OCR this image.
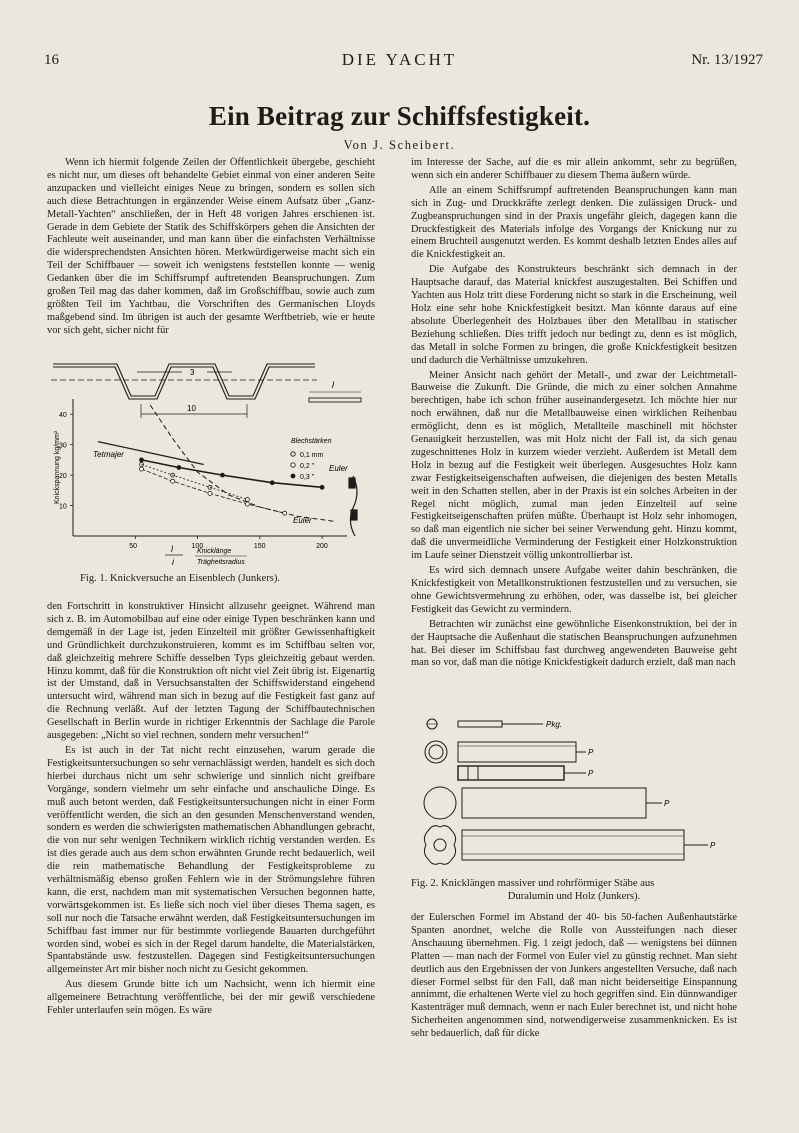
16	DIE YACHT	Nr. 13/1927
Ein Beitrag zur Schiffsfestigkeit.
Von J. Scheibert.

Wenn ich hiermit folgende Zeilen der Öffentlichkeit übergebe, geschieht es nicht nur, um dieses oft behandelte Gebiet einmal von einer anderen Seite anzupacken und vielleicht einiges Neue zu bringen, sondern es sollen sich auch diese Betrachtungen in ergänzender Weise einem Aufsatz über „Ganz-Metall-Yachten“ anschließen, der in Heft 48 vorigen Jahres erschienen ist. Gerade in dem Gebiete der Statik des Schiffskörpers gehen die Ansichten der Fachleute weit auseinander, und man kann über die einfachsten Verhältnisse die widersprechendsten Ansichten hören. Merkwürdigerweise macht sich ein Teil der Schiffbauer — soweit ich wenigstens feststellen konnte — wenig Gedanken über die im Schiffsrumpf auftretenden Beanspruchungen. Zum großen Teil mag das daher kommen, daß im Großschiffbau, sowie auch zum größten Teil im Yachtbau, die Vorschriften des Germanischen Lloyds maßgebend sind. Im übrigen ist auch der gesamte Werftbetrieb, wie er heute vor sich geht, sicher nicht für

3
10
l
Knickspannung kg/mm²
10
20
30
40
50	100	150	200
Tetmajer
Euler
Euler
Blechstärken
0,1 mm
0,2 "
0,3 "
l
i
Knicklänge
Trägheitsradius
Fig. 1. Knickversuche an Eisenblech (Junkers).

den Fortschritt in konstruktiver Hinsicht allzusehr geeignet. Während man sich z. B. im Automobilbau auf eine oder einige Typen beschränken kann und demgemäß in der Lage ist, jeden Einzelteil mit größter Gewissenhaftigkeit und Gründlichkeit durchzukonstruieren, kommt es im Schiffbau selten vor, daß gleichzeitig mehrere Schiffe desselben Typs gleichzeitig gebaut werden. Hinzu kommt, daß für die Konstruktion oft nicht viel Zeit übrig ist. Eigenartig ist der Umstand, daß in Versuchsanstalten der Schiffswiderstand eingehend untersucht wird, während man sich in bezug auf die Festigkeit fast ganz auf die Rechnung verläßt. Auf der letzten Tagung der Schiffbautechnischen Gesellschaft in Berlin wurde in richtiger Erkenntnis der Sachlage die Parole ausgegeben: „Nicht so viel rechnen, sondern mehr versuchen!“

Es ist auch in der Tat nicht recht einzusehen, warum gerade die Festigkeitsuntersuchungen so sehr vernachlässigt werden, handelt es sich doch hierbei durchaus nicht um sehr schwierige und sinnlich nicht greifbare Vorgänge, sondern vielmehr um sehr einfache und anschauliche Dinge. Es muß auch betont werden, daß Festigkeitsuntersuchungen nicht in einer Form veröffentlicht werden, die sich an den gesunden Menschenverstand wenden, sondern es werden die schwierigsten mathematischen Abhandlungen gebracht, die von nur sehr wenigen Technikern wirklich richtig verstanden werden. Es ist dies gerade auch aus dem schon erwähnten Grunde recht bedauerlich, weil die rein mathematische Behandlung der Festigkeitsprobleme zu verhältnismäßig ebenso großen Fehlern wie in der Strömungslehre führen kann, die erst, nachdem man mit systematischen Versuchen begonnen hatte, vorwärtsgekommen ist. Es ließe sich noch viel über dieses Thema sagen, es soll nur noch die Tatsache erwähnt werden, daß Festigkeitsuntersuchungen im Schiffbau fast immer nur für bestimmte vorliegende Bauarten durchgeführt worden sind, wobei es sich in der Regel darum handelte, die Materialstärken, Spantabstände usw. festzustellen. Dagegen sind Festigkeitsuntersuchungen allgemeinster Art mir bisher noch nicht zu Gesicht gekommen.

Aus diesem Grunde bitte ich um Nachsicht, wenn ich hiermit eine allgemeinere Betrachtung veröffentliche, bei der mir gewiß verschiedene Fehler unterlaufen sein mögen. Es wäre

im Interesse der Sache, auf die es mir allein ankommt, sehr zu begrüßen, wenn sich ein anderer Schiffbauer zu diesem Thema äußern würde.

Alle an einem Schiffsrumpf auftretenden Beanspruchungen kann man sich in Zug- und Druckkräfte zerlegt denken. Die zulässigen Druck- und Zugbeanspruchungen sind in der Praxis ungefähr gleich, dagegen kann die Druckfestigkeit des Materials infolge des Vorgangs der Knickung nur zu einem Bruchteil ausgenutzt werden. Es kommt deshalb letzten Endes alles auf die Knickfestigkeit an.

Die Aufgabe des Konstrukteurs beschränkt sich demnach in der Hauptsache darauf, das Material knickfest auszugestalten. Bei Schiffen und Yachten aus Holz tritt diese Forderung nicht so stark in die Erscheinung, weil Holz eine sehr hohe Knickfestigkeit besitzt. Man könnte daraus auf eine absolute Überlegenheit des Holzbaues über den Metallbau in statischer Beziehung schließen. Dies trifft jedoch nur bedingt zu, denn es ist möglich, das Metall in solche Formen zu bringen, die große Knickfestigkeit besitzen und dadurch die Verhältnisse umzukehren.

Meiner Ansicht nach gehört der Metall-, und zwar der Leichtmetall-Bauweise die Zukunft. Die Gründe, die mich zu einer solchen Annahme berechtigen, habe ich schon früher auseinandergesetzt. Ich möchte hier nur noch erwähnen, daß nur die Metallbauweise einen wirklichen Reihenbau ermöglicht, denn es ist möglich, Metallteile maschinell mit höchster Genauigkeit herzustellen, was mit Holz nicht der Fall ist, da sich genau zugeschnittenes Holz in kurzem wieder verzieht. Außerdem ist Metall dem Holz in bezug auf die Festigkeit weit überlegen. Ausgesuchtes Holz kann zwar Festigkeitseigenschaften aufweisen, die diejenigen des besten Metalls weit in den Schatten stellen, aber in der Praxis ist ein solches Arbeiten in der Regel nicht möglich, zumal man jeden Einzelteil auf seine Festigkeitseigenschaften prüfen müßte. Überhaupt ist Holz sehr inhomogen, so daß man eigentlich nie sicher bei seiner Verwendung geht. Hinzu kommt, daß die unvermeidliche Verminderung der Festigkeit einer Holzkonstruktion im Laufe seiner Dienstzeit völlig unkontrollierbar ist.

Es wird sich demnach unsere Aufgabe weiter dahin beschränken, die Knickfestigkeit von Metallkonstruktionen festzustellen und zu versuchen, sie ohne Gewichtsvermehrung zu erhöhen, oder, was dasselbe ist, bei gleicher Festigkeit das Gewicht zu vermindern.

Betrachten wir zunächst eine gewöhnliche Eisenkonstruktion, bei der in der Hauptsache die Außenhaut die statischen Beanspruchungen aufzunehmen hat. Bei dieser im Schiffsbau fast durchweg angewendeten Bauweise geht man so vor, daß man die nötige Knickfestigkeit dadurch erzielt, daß man nach

Pkg.
P
P
P
P
Fig. 2. Knicklängen massiver und rohrförmiger Stäbe aus
Duralumin und Holz (Junkers).

der Eulerschen Formel im Abstand der 40- bis 50-fachen Außenhautstärke Spanten anordnet, welche die Rolle von Aussteifungen nach dieser Anschauung übernehmen. Fig. 1 zeigt jedoch, daß — wenigstens bei dünnen Platten — man nach der Formel von Euler viel zu günstig rechnet. Man sieht deutlich aus den Ergebnissen der von Junkers angestellten Versuche, daß nach dieser Formel selbst für den Fall, daß man nicht beiderseitige Einspannung annimmt, die erhaltenen Werte viel zu hoch gegriffen sind. Ein dünnwandiger Kastenträger muß demnach, wenn er nach Euler berechnet ist, und nicht hohe Sicherheiten angenommen sind, notwendigerweise zusammenknicken. Es ist sehr bedauerlich, daß für dicke
